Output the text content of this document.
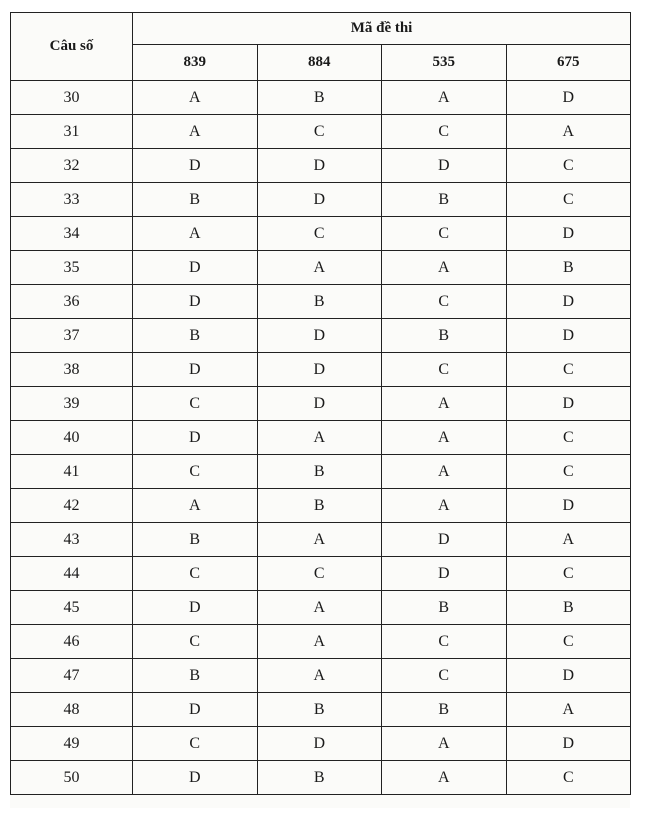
Câu số	Mã đề thi			
	839	884	535	675
30	A	B	A	D
31	A	C	C	A
32	D	D	D	C
33	B	D	B	C
34	A	C	C	D
35	D	A	A	B
36	D	B	C	D
37	B	D	B	D
38	D	D	C	C
39	C	D	A	D
40	D	A	A	C
41	C	B	A	C
42	A	B	A	D
43	B	A	D	A
44	C	C	D	C
45	D	A	B	B
46	C	A	C	C
47	B	A	C	D
48	D	B	B	A
49	C	D	A	D
50	D	B	A	C
